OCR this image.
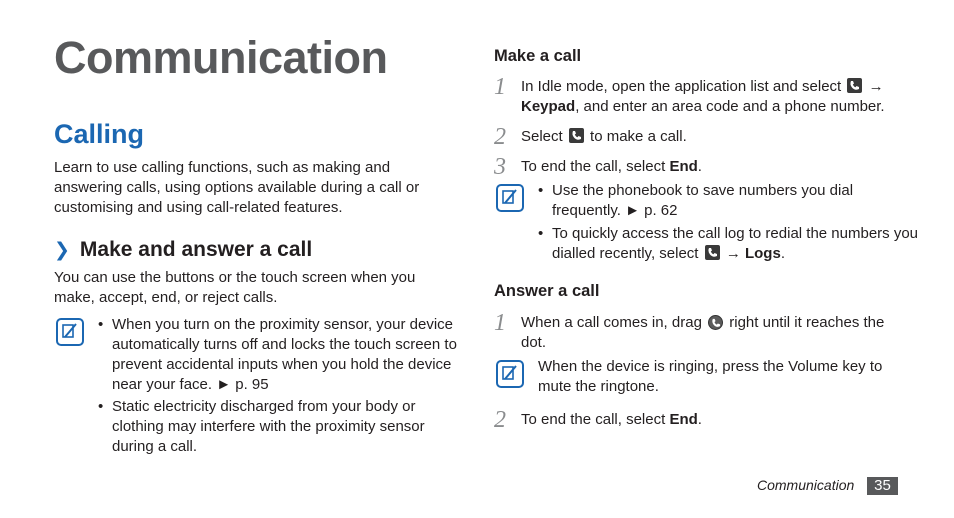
Communication
Calling
Learn to use calling functions, such as making and answering calls, using options available during a call or customising and using call-related features.
❯ Make and answer a call
You can use the buttons or the touch screen when you make, accept, end, or reject calls.
• When you turn on the proximity sensor, your device automatically turns off and locks the touch screen to prevent accidental inputs when you hold the device near your face. ► p. 95
• Static electricity discharged from your body or clothing may interfere with the proximity sensor during a call.
Make a call
1 In Idle mode, open the application list and select → Keypad, and enter an area code and a phone number.
2 Select to make a call.
3 To end the call, select End.
• Use the phonebook to save numbers you dial frequently. ► p. 62
• To quickly access the call log to redial the numbers you dialled recently, select → Logs.
Answer a call
1 When a call comes in, drag right until it reaches the dot.
When the device is ringing, press the Volume key to mute the ringtone.
2 To end the call, select End.
Communication	35
